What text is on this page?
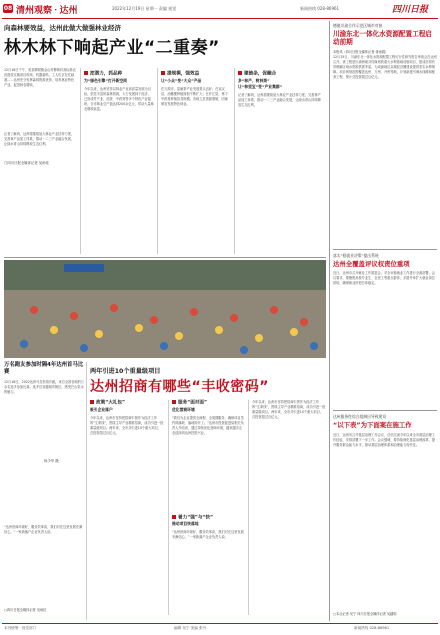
08 清州观察 · 达州	2022年12月19日 星期一 责编 视觉	新闻热线 028-86961	四川日报
向森林要效益，达州此做大做强林业经济
林木林下响起产业“二重奏”
12月16日下午，渠县柳树镇金山村柳林村高标准农田建设实施项目现场，机器轰鸣，工人们正在忙碌着……达州充分发挥森林资源优势，培育林业特色产业，促进林农增收。
记者了解到，达州将继续加大林业产业扶持力度，完善林产品加工体系，推动一二三产业融合发展，让绿水青山持续释放生态红利。
□四川日报全媒体记者 吴雨佳
挖潜力，抓品种
为“绿色引擎”打开新空间
今年以来，达州坚持以林业产业高质量发展为目标，依托丰富的森林资源，大力发展林下经济，已形成竹产业、油茶、中药材等多个特色产业板块。全市林业总产值达到200余亿元，带动大量林农增收致富。
提规模，强效益
让“小众”变“大众”产品
在万源市，富硒茶产业发展势头良好；在宣汉县，油橄榄种植面积不断扩大；在开江县，林下中药材种植初具规模。各地立足资源禀赋，因地制宜发展特色林业。
建链条，促融合
多“林产、树林果”
让“林里宝”变“产业集群”
记者了解到，达州将继续加大林业产业扶持力度，完善林产品加工体系，推动一二三产业融合发展，让绿水青山持续释放生态红利。
德驰川渝合作示范区城市对接
川渝东北一体化水资源配置工程启动前期
本报讯（四川日报全媒体记者 蒋雨娟）
12月15日，川渝东北一体化水资源配置工程可行性研究报告审查会在达州召开。该工程是川渝两地共同谋划的重大水利基础设施项目，建成后将有效缓解区域水资源供需矛盾，为成渝地区双城经济圈建设提供坚实水利保障。项目规划范围覆盖达州、万州、开州等地，计划新建引调水线路和配套工程，预计总投资超过百亿元。
落实“稳就业决策”提出系统
达州全覆盖评议权责位重项
近日，达州市召开就业工作推进会，对全市稳就业工作进行全面部署。会议要求，要聚焦高校毕业生、农民工等重点群体，多措并举扩大就业岗位供给，确保就业形势总体稳定。
达州服务性综合组制出导致建设
“以下表”为下面案在施工作
近日，达州市召开基层治理工作会议，总结交流今年以来全市基层治理工作经验，安排部署下一步工作。会议强调，要持续深化基层治理改革，提升服务群众能力水平，推动基层治理体系和治理能力现代化。
□本社记者 吴宁 四川日报全媒体记者 吴越明
万名跑友参加时隔4年达州首马比赛
12月18日，2022达州马拉松赛开跑，来自全国各地的万余名选手参加比赛。选手们穿越城市街区，感受巴山渠水的魅力。
杨少华 摄
两年引进10个重量级项目
达州招商有哪些“丰收密码”
政策“大礼包”
吸引企业落户
今年以来，达州市坚持把招商引资作为经济工作的“生命线”，围绕主导产业精准招商，成功引进一批重量级项目。两年来，全市共引进10个重大项目，总投资超过百亿元。
服务“面对面”
优化营商环境
“我们为企业提供全流程、全周期服务，确保项目签约即落地、落地即开工。”达州市投资促进局相关负责人介绍说，通过持续优化营商环境，越来越多企业选择到达州投资兴业。
着力“强”与“快”
推动项目快落地
“达州营商环境好，服务效率高，我们对在这里发展充满信心。”一家新落户企业负责人说。
今年以来，达州市坚持把招商引资作为经济工作的“生命线”，围绕主导产业精准招商，成功引进一批重量级项目。两年来，全市共引进10个重大项目，总投资超过百亿元。
“达州营商环境好，服务效率高，我们对在这里发展充满信心。”一家新落户企业负责人说。
□四川日报全媒体记者 吴雨佳
本刊统筹 · 视觉部门	编辑 吴宁 美编 张丹	新闻热线 028-86961
